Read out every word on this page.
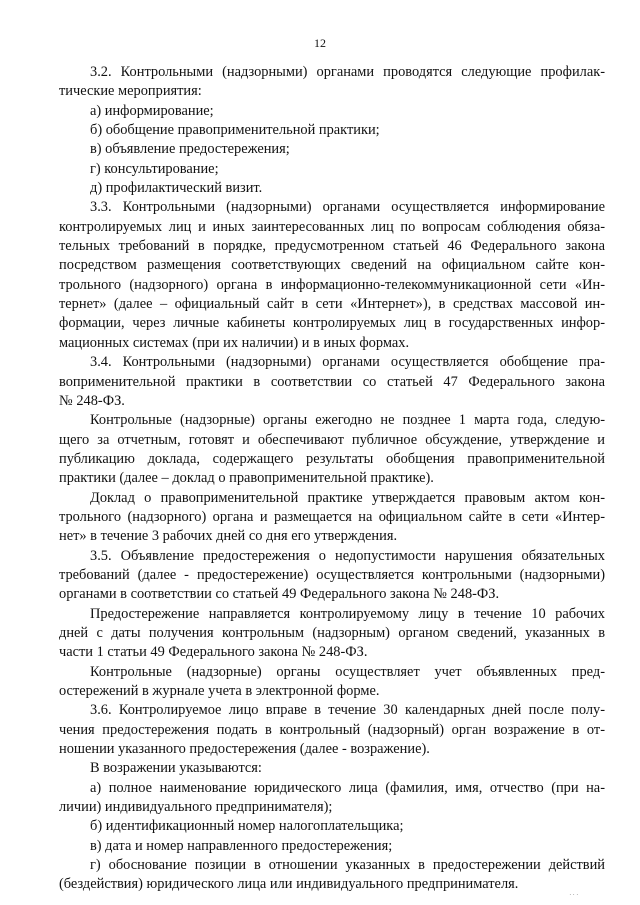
12
3.2. Контрольными (надзорными) органами проводятся следующие профилак-
тические мероприятия:
а) информирование;
б) обобщение правоприменительной практики;
в) объявление предостережения;
г) консультирование;
д) профилактический визит.
3.3. Контрольными (надзорными) органами осуществляется информирование
контролируемых лиц и иных заинтересованных лиц по вопросам соблюдения обяза-
тельных требований в порядке, предусмотренном статьей 46 Федерального закона
посредством размещения соответствующих сведений на официальном сайте кон-
трольного (надзорного) органа в информационно-телекоммуникационной сети «Ин-
тернет» (далее – официальный сайт в сети «Интернет»), в средствах массовой ин-
формации, через личные кабинеты контролируемых лиц в государственных инфор-
мационных системах (при их наличии) и в иных формах.
3.4. Контрольными (надзорными) органами осуществляется обобщение пра-
воприменительной практики в соответствии со статьей 47 Федерального закона
№ 248-ФЗ.
Контрольные (надзорные) органы ежегодно не позднее 1 марта года, следую-
щего за отчетным, готовят и обеспечивают публичное обсуждение, утверждение и
публикацию доклада, содержащего результаты обобщения правоприменительной
практики (далее – доклад о правоприменительной практике).
Доклад о правоприменительной практике утверждается правовым актом кон-
трольного (надзорного) органа и размещается на официальном сайте в сети «Интер-
нет» в течение 3 рабочих дней со дня его утверждения.
3.5. Объявление предостережения о недопустимости нарушения обязательных
требований (далее - предостережение) осуществляется контрольными (надзорными)
органами в соответствии со статьей 49 Федерального закона № 248-ФЗ.
Предостережение направляется контролируемому лицу в течение 10 рабочих
дней с даты получения контрольным (надзорным) органом сведений, указанных в
части 1 статьи 49 Федерального закона № 248-ФЗ.
Контрольные (надзорные) органы осуществляет учет объявленных пред-
остережений в журнале учета в электронной форме.
3.6. Контролируемое лицо вправе в течение 30 календарных дней после полу-
чения предостережения подать в контрольный (надзорный) орган возражение в от-
ношении указанного предостережения (далее - возражение).
В возражении указываются:
а) полное наименование юридического лица (фамилия, имя, отчество (при на-
личии) индивидуального предпринимателя);
б) идентификационный номер налогоплательщика;
в) дата и номер направленного предостережения;
г) обоснование позиции в отношении указанных в предостережении действий
(бездействия) юридического лица или индивидуального предпринимателя.
...
